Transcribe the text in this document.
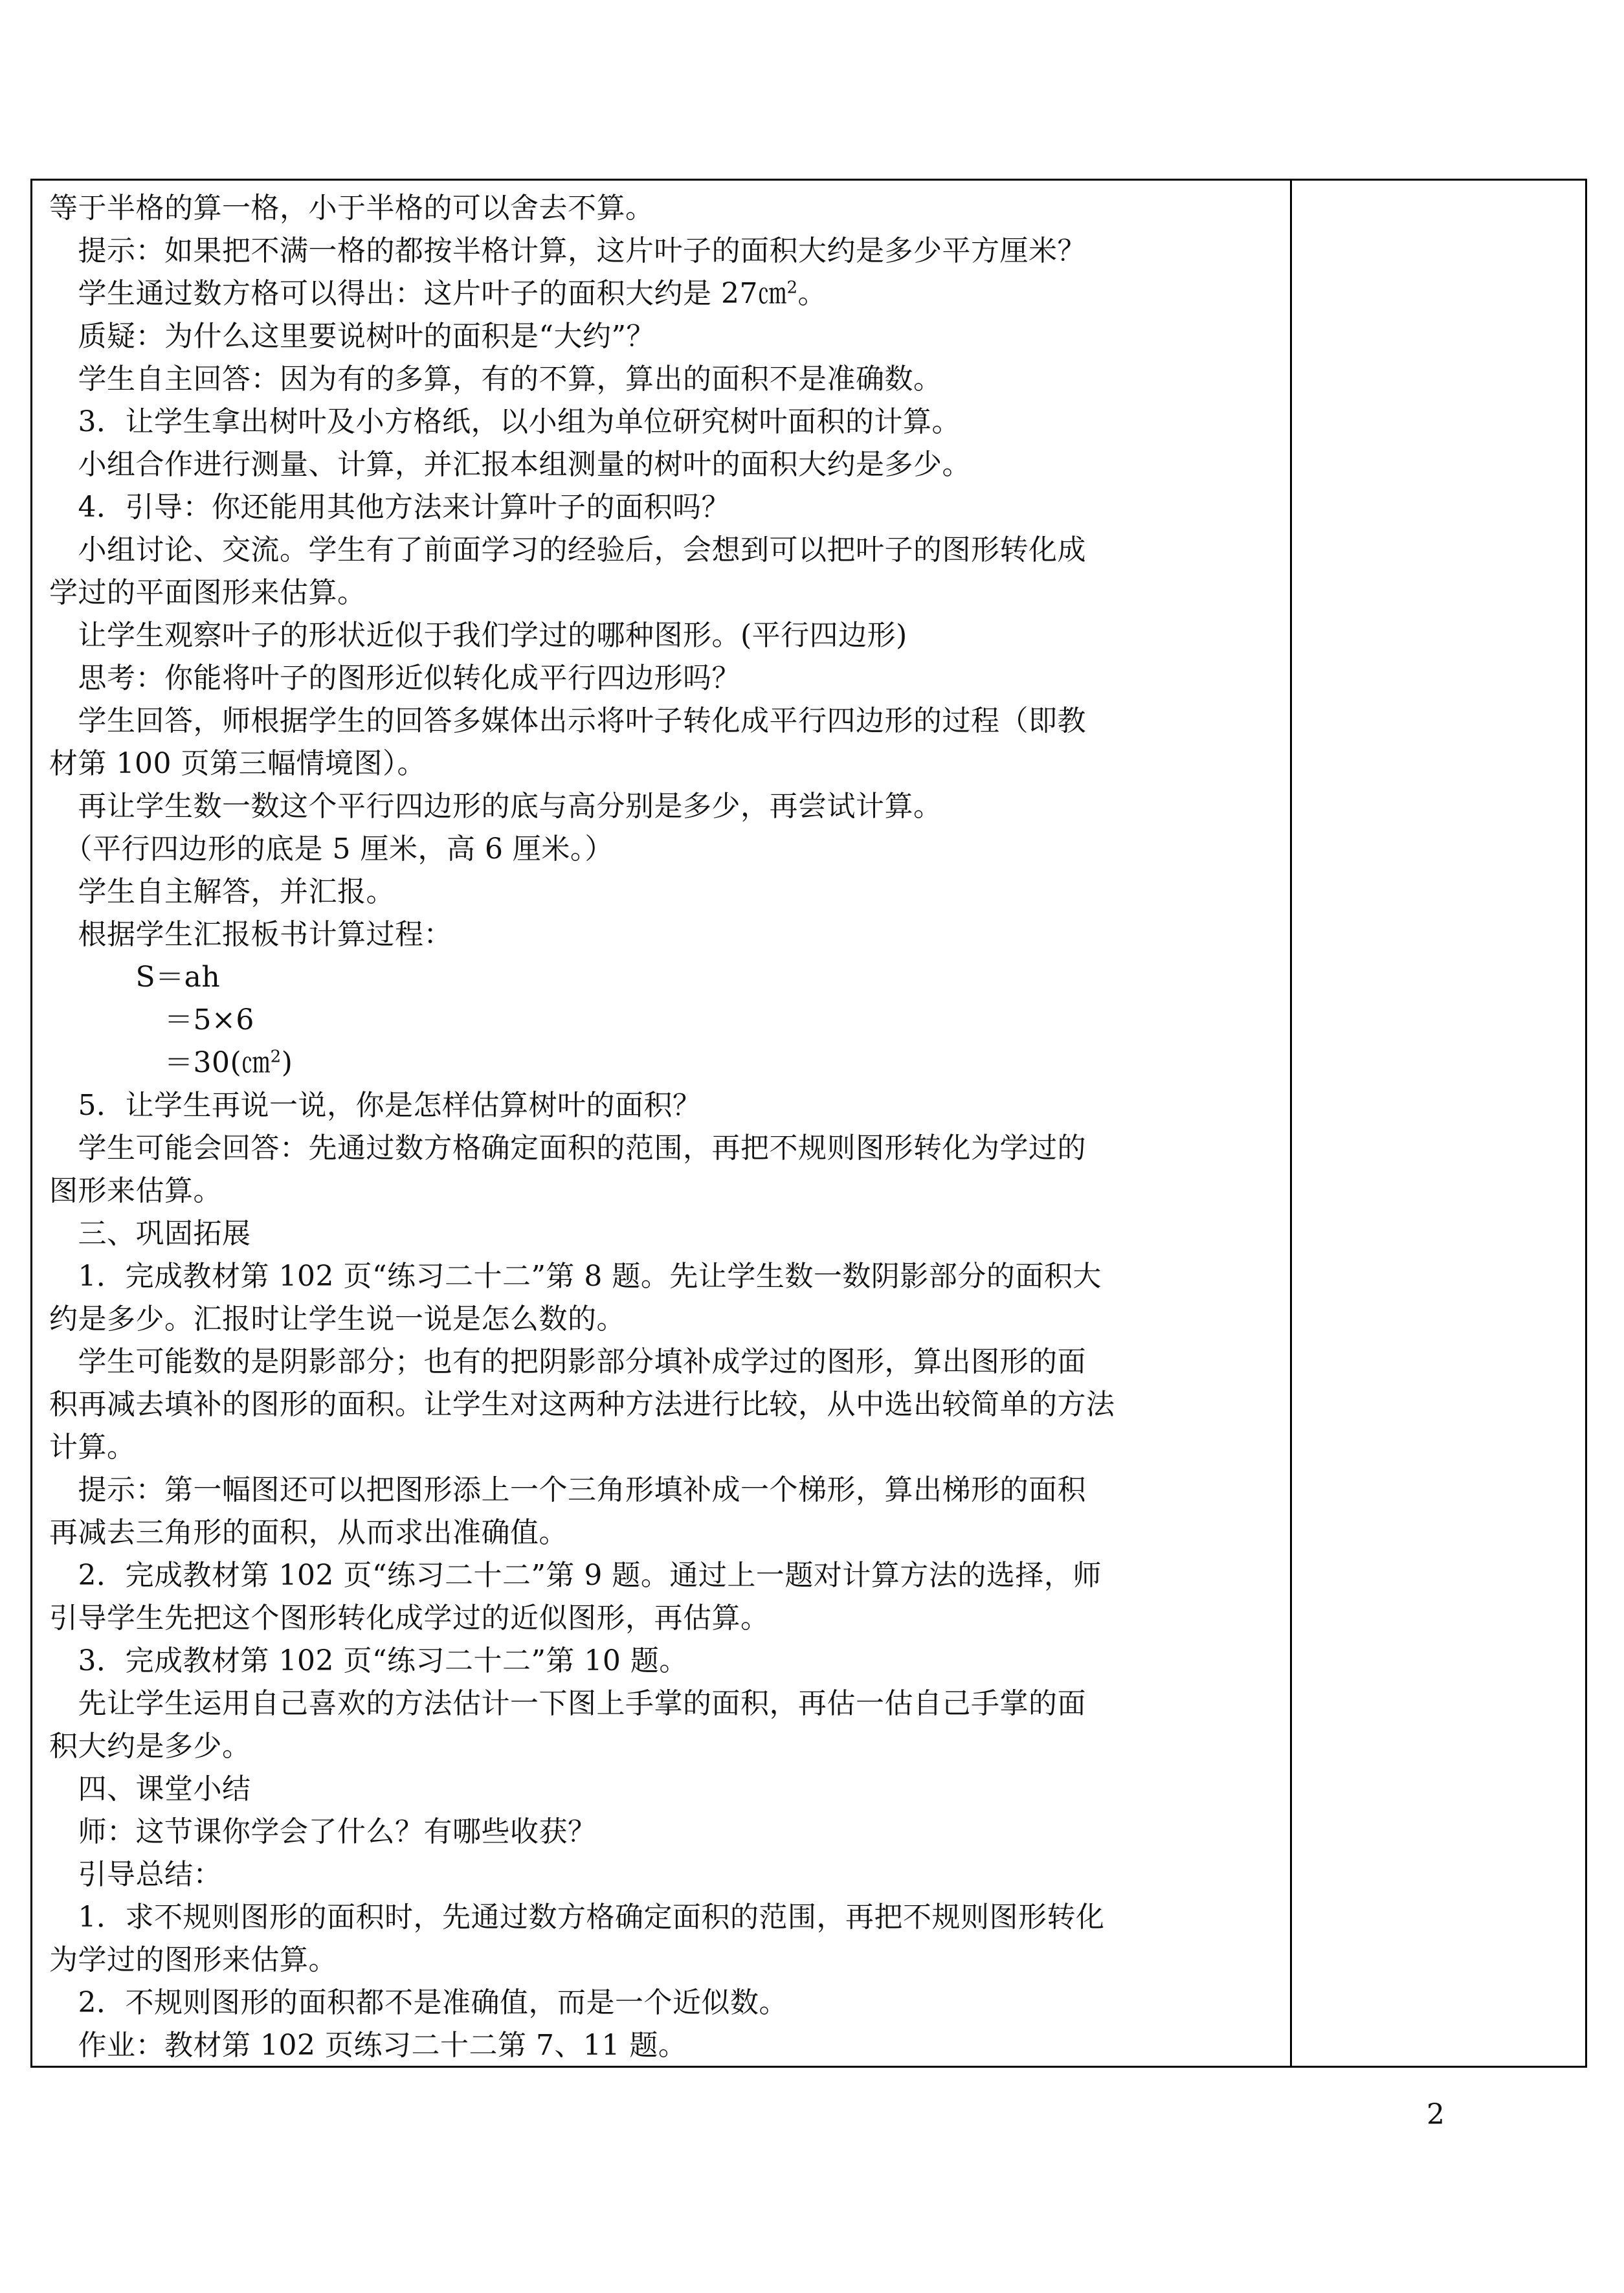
等于半格的算一格，小于半格的可以舍去不算。
　提示：如果把不满一格的都按半格计算，这片叶子的面积大约是多少平方厘米？
　学生通过数方格可以得出：这片叶子的面积大约是 27㎝$^2$。
　质疑：为什么这里要说树叶的面积是“大约”？
　学生自主回答：因为有的多算，有的不算，算出的面积不是准确数。
　3．让学生拿出树叶及小方格纸，以小组为单位研究树叶面积的计算。
　小组合作进行测量、计算，并汇报本组测量的树叶的面积大约是多少。
　4．引导：你还能用其他方法来计算叶子的面积吗？
　小组讨论、交流。学生有了前面学习的经验后，会想到可以把叶子的图形转化成
学过的平面图形来估算。
　让学生观察叶子的形状近似于我们学过的哪种图形。(平行四边形)
　思考：你能将叶子的图形近似转化成平行四边形吗？
　学生回答，师根据学生的回答多媒体出示将叶子转化成平行四边形的过程（即教
材第 100 页第三幅情境图）。
　再让学生数一数这个平行四边形的底与高分别是多少，再尝试计算。
　（平行四边形的底是 5 厘米，高 6 厘米。）
　学生自主解答，并汇报。
　根据学生汇报板书计算过程：
　　　S＝ah
　　　　＝5×6
　　　　＝30(㎝$^2$)
　5．让学生再说一说，你是怎样估算树叶的面积？
　学生可能会回答：先通过数方格确定面积的范围，再把不规则图形转化为学过的
图形来估算。
　三、巩固拓展
　1．完成教材第 102 页“练习二十二”第 8 题。先让学生数一数阴影部分的面积大
约是多少。汇报时让学生说一说是怎么数的。
　学生可能数的是阴影部分；也有的把阴影部分填补成学过的图形，算出图形的面
积再减去填补的图形的面积。让学生对这两种方法进行比较，从中选出较简单的方法
计算。
　提示：第一幅图还可以把图形添上一个三角形填补成一个梯形，算出梯形的面积
再减去三角形的面积，从而求出准确值。
　2．完成教材第 102 页“练习二十二”第 9 题。通过上一题对计算方法的选择，师
引导学生先把这个图形转化成学过的近似图形，再估算。
　3．完成教材第 102 页“练习二十二”第 10 题。
　先让学生运用自己喜欢的方法估计一下图上手掌的面积，再估一估自己手掌的面
积大约是多少。
　四、课堂小结
　师：这节课你学会了什么？有哪些收获？
　引导总结：
　1．求不规则图形的面积时，先通过数方格确定面积的范围，再把不规则图形转化
为学过的图形来估算。
　2．不规则图形的面积都不是准确值，而是一个近似数。
　作业：教材第 102 页练习二十二第 7、11 题。
2
